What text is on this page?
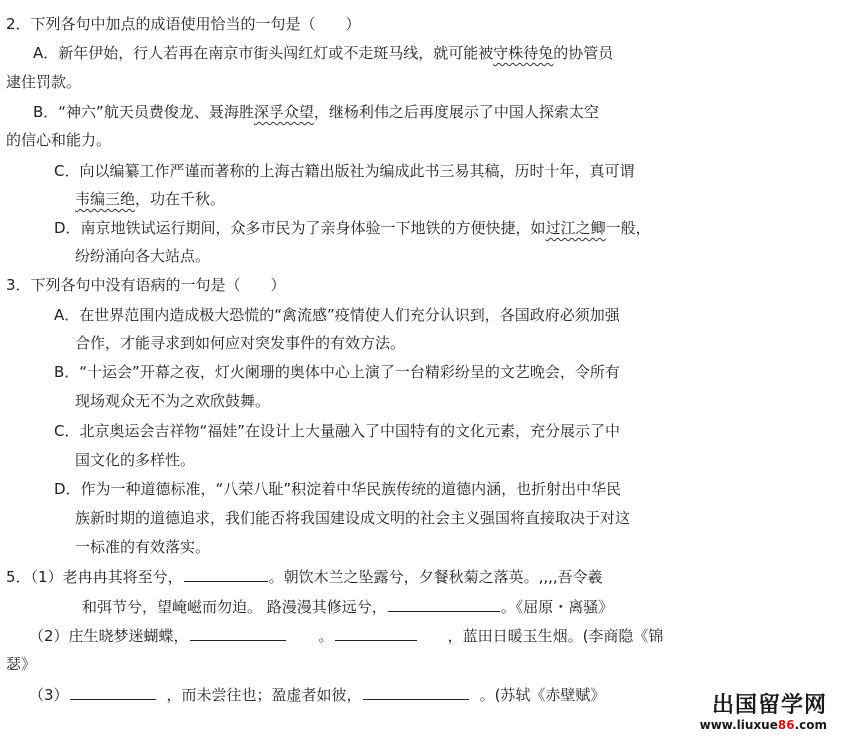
2．下列各句中加点的成语使用恰当的一句是（　　）
A．新年伊始，行人若再在南京市街头闯红灯或不走斑马线，就可能被守株待兔的协管员
逮住罚款。
B．“神六”航天员费俊龙、聂海胜深孚众望，继杨利伟之后再度展示了中国人探索太空
的信心和能力。
C．向以编纂工作严谨而著称的上海古籍出版社为编成此书三易其稿，历时十年，真可谓
韦编三绝，功在千秋。
D．南京地铁试运行期间，众多市民为了亲身体验一下地铁的方便快捷，如过江之鲫一般，
纷纷涌向各大站点。
3．下列各句中没有语病的一句是（　　）
A．在世界范围内造成极大恐慌的“禽流感”疫情使人们充分认识到，各国政府必须加强
合作，才能寻求到如何应对突发事件的有效方法。
B．“十运会”开幕之夜，灯火阑珊的奥体中心上演了一台精彩纷呈的文艺晚会，令所有
现场观众无不为之欢欣鼓舞。
C．北京奥运会吉祥物“福娃”在设计上大量融入了中国特有的文化元素，充分展示了中
国文化的多样性。
D．作为一种道德标准，“八荣八耻”积淀着中华民族传统的道德内涵，也折射出中华民
族新时期的道德追求，我们能否将我国建设成文明的社会主义强国将直接取决于对这
一标准的有效落实。
5．（1）老冉冉其将至兮，	。朝饮木兰之坠露兮，夕餐秋菊之落英。,,,,吾令羲
和弭节兮，望崦嵫而勿迫。 路漫漫其修远兮，	。《屈原・离骚》
（2）庄生晓梦迷蝴蝶，	。	，蓝田日暖玉生烟。(李商隐《锦
瑟》
（3）	，而未尝往也；盈虚者如彼，	。(苏轼《赤壁赋》	出国留学网
www.liuxue86.com
